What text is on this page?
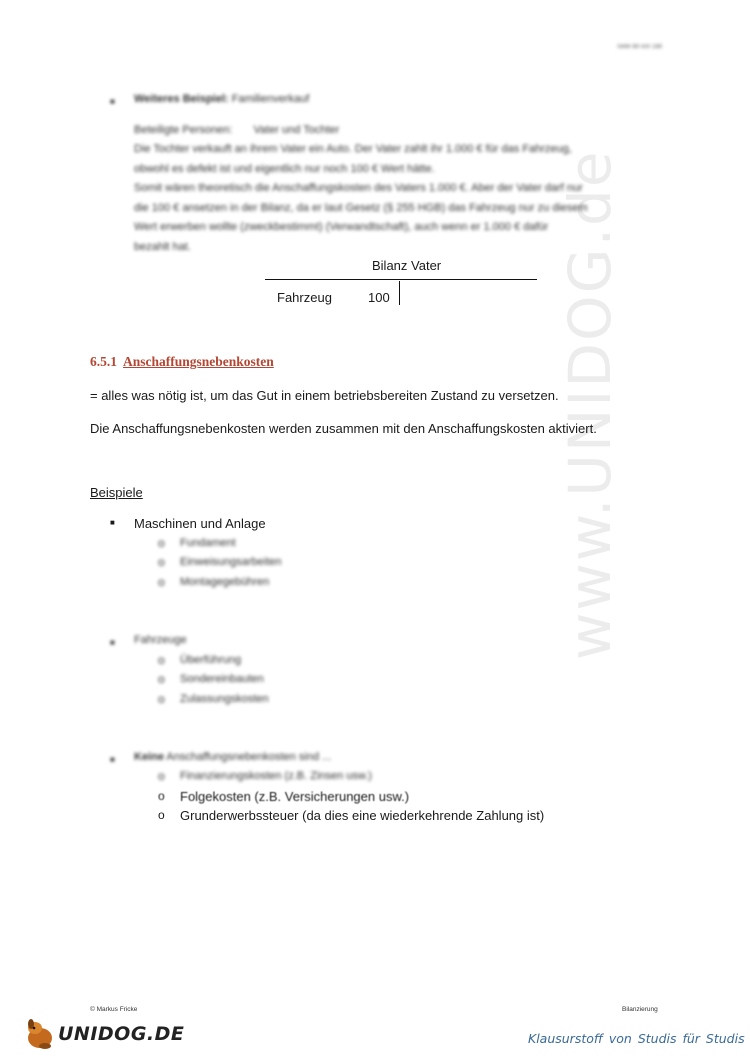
Seite 88 von 188
www.UNIDOG.de
■ Weiteres Beispiel: Familienverkauf
Beteiligte Personen: Vater und Tochter
Die Tochter verkauft an ihrem Vater ein Auto. Der Vater zahlt ihr 1.000 € für das Fahrzeug,
obwohl es defekt ist und eigentlich nur noch 100 € Wert hätte.
Somit wären theoretisch die Anschaffungskosten des Vaters 1.000 €. Aber der Vater darf nur
die 100 € ansetzen in der Bilanz, da er laut Gesetz (§ 255 HGB) das Fahrzeug nur zu diesem
Wert erwerben wollte (zweckbestimmt) (Verwandtschaft), auch wenn er 1.000 € dafür
bezahlt hat.
Bilanz Vater
Fahrzeug	100
6.5.1 Anschaffungsnebenkosten
= alles was nötig ist, um das Gut in einem betriebsbereiten Zustand zu versetzen.
Die Anschaffungsnebenkosten werden zusammen mit den Anschaffungskosten aktiviert.
Beispiele
■ Maschinen und Anlage
o Fundament
o Einweisungsarbeiten
o Montagegebühren
■ Fahrzeuge
o Überführung
o Sondereinbauten
o Zulassungskosten
■ Keine Anschaffungsnebenkosten sind ...
o Finanzierungskosten (z.B. Zinsen usw.)
o Folgekosten (z.B. Versicherungen usw.)
o Grunderwerbssteuer (da dies eine wiederkehrende Zahlung ist)
© Markus Fricke	Bilanzierung
UNIDOG.DE	Klausurstoff von Studis für Studis
